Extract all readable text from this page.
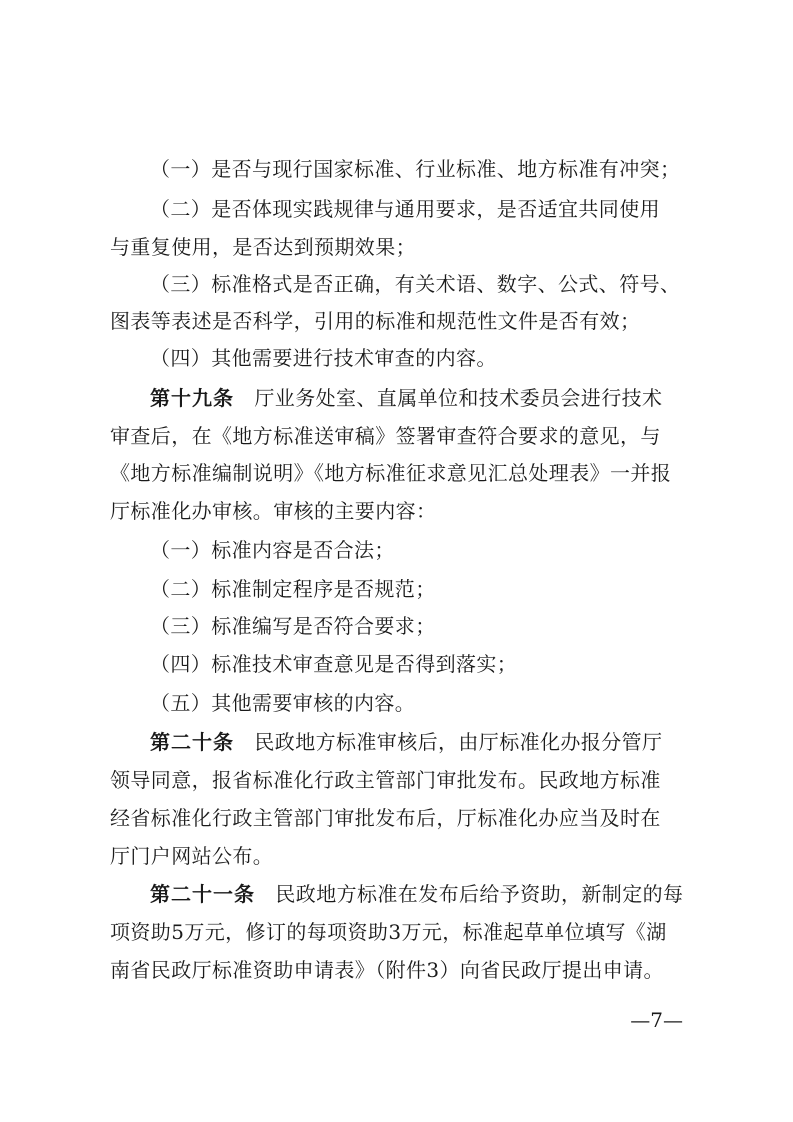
（一）是否与现行国家标准、行业标准、地方标准有冲突；
（二）是否体现实践规律与通用要求，是否适宜共同使用
与重复使用，是否达到预期效果；
（三）标准格式是否正确，有关术语、数字、公式、符号、
图表等表述是否科学，引用的标准和规范性文件是否有效；
（四）其他需要进行技术审查的内容。
第十九条　厅业务处室、直属单位和技术委员会进行技术
审查后，在《地方标准送审稿》签署审查符合要求的意见，与
《地方标准编制说明》《地方标准征求意见汇总处理表》一并报
厅标准化办审核。审核的主要内容：
（一）标准内容是否合法；
（二）标准制定程序是否规范；
（三）标准编写是否符合要求；
（四）标准技术审查意见是否得到落实；
（五）其他需要审核的内容。
第二十条　民政地方标准审核后，由厅标准化办报分管厅
领导同意，报省标准化行政主管部门审批发布。民政地方标准
经省标准化行政主管部门审批发布后，厅标准化办应当及时在
厅门户网站公布。
第二十一条　民政地方标准在发布后给予资助，新制定的每
项资助5万元，修订的每项资助3万元，标准起草单位填写《湖
南省民政厅标准资助申请表》（附件3）向省民政厅提出申请。
—7—
